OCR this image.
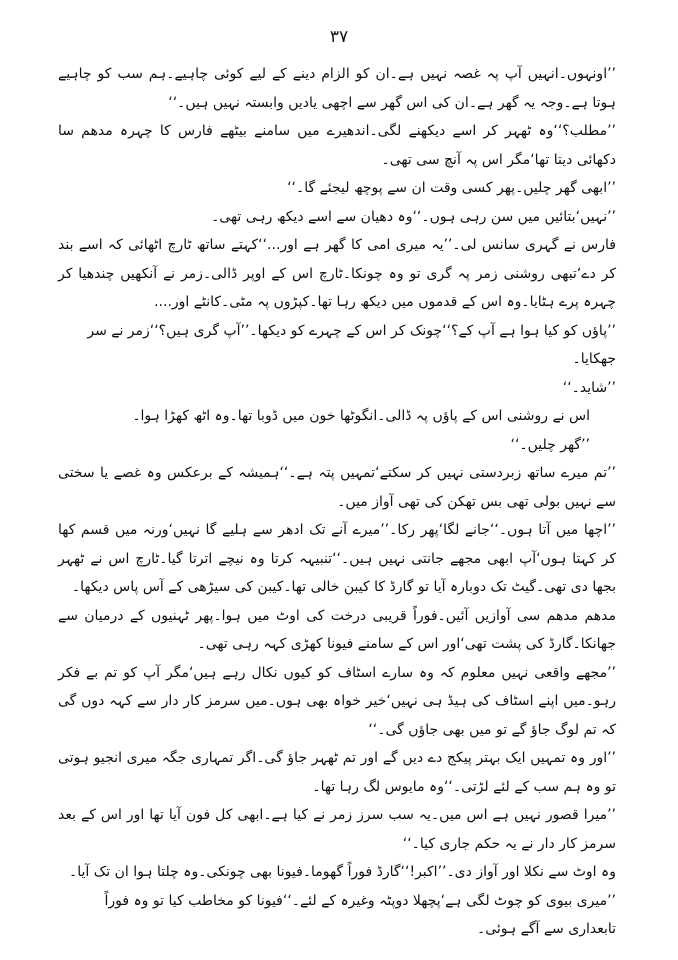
۳۷

’’اونہوں۔انہیں آپ پہ غصہ نہیں ہے۔ان کو الزام دینے کے لیے کوئی چاہیے۔ہم سب کو چاہیے ہوتا ہے۔وجہ یہ گھر ہے۔ان کی اس گھر سے اچھی یادیں وابستہ نہیں ہیں۔‘‘

’’مطلب؟‘‘وہ ٹھہر کر اسے دیکھنے لگی۔اندھیرے میں سامنے بیٹھے فارس کا چہرہ مدھم سا دکھائی دیتا تھا‘مگر اس پہ آنچ سی تھی۔

’’ابھی گھر چلیں۔پھر کسی وقت ان سے پوچھ لیجئے گا۔‘‘

’’نہیں‘بتائیں میں سن رہی ہوں۔‘‘وہ دھیان سے اسے دیکھ رہی تھی۔

فارس نے گہری سانس لی۔’’یہ میری امی کا گھر ہے اور...‘‘کہتے ساتھ ٹارچ اٹھائی کہ اسے بند کر دے‘تبھی روشنی زمر پہ گری تو وہ چونکا۔ٹارچ اس کے اوپر ڈالی۔زمر نے آنکھیں چندھیا کر چہرہ پرے ہٹایا۔وہ اس کے قدموں میں دیکھ رہا تھا۔کپڑوں پہ مٹی۔کانٹے اور....

’’پاؤں کو کیا ہوا ہے آپ کے؟‘‘چونک کر اس کے چہرے کو دیکھا۔’’آپ گری ہیں؟‘‘زمر نے سر جھکایا۔

’’شاید۔‘‘

اس نے روشنی اس کے پاؤں پہ ڈالی۔انگوٹھا خون میں ڈوبا تھا۔وہ اٹھ کھڑا ہوا۔

’’گھر چلیں۔‘‘

’’تم میرے ساتھ زبردستی نہیں کر سکتے‘تمہیں پتہ ہے۔‘‘ہمیشہ کے برعکس وہ غصے یا سختی سے نہیں بولی تھی بس تھکن کی تھی آواز میں۔

’’اچھا میں آتا ہوں۔‘‘جانے لگا‘پھر رکا۔’’میرے آنے تک ادھر سے ہلیے گا نہیں‘ورنہ میں قسم کھا کر کہتا ہوں‘آپ ابھی مجھے جانتی نہیں ہیں۔‘‘تنبیہہ کرتا وہ نیچے اترتا گیا۔ٹارچ اس نے ٹھہر بجھا دی تھی۔گیٹ تک دوبارہ آیا تو گارڈ کا کیبن خالی تھا۔کیبن کی سیڑھی کے آس پاس دیکھا۔

مدھم مدھم سی آوازیں آئیں۔فوراً قریبی درخت کی اوٹ میں ہوا۔پھر ٹہنیوں کے درمیان سے جھانکا۔گارڈ کی پشت تھی‘اور اس کے سامنے فیونا کھڑی کہہ رہی تھی۔

’’مجھے واقعی نہیں معلوم کہ وہ سارے اسٹاف کو کیوں نکال رہے ہیں‘مگر آپ کو تم بے فکر رہو۔میں اپنے اسٹاف کی ہیڈ ہی نہیں‘خیر خواہ بھی ہوں۔میں سرمز کار دار سے کہہ دوں گی کہ تم لوگ جاؤ گے تو میں بھی جاؤں گی۔‘‘

’’اور وہ تمہیں ایک بہتر پیکج دے دیں گے اور تم ٹھہر جاؤ گی۔اگر تمہاری جگہ میری انجیو ہوتی تو وہ ہم سب کے لئے لڑتی۔‘‘وہ مایوس لگ رہا تھا۔

’’میرا قصور نہیں ہے اس میں۔یہ سب سرز زمر نے کیا ہے۔ابھی کل فون آیا تھا اور اس کے بعد سرمز کار دار نے یہ حکم جاری کیا۔‘‘

وہ اوٹ سے نکلا اور آواز دی۔’’اکبر!‘‘گارڈ فوراً گھوما۔فیونا بھی چونکی۔وہ چلتا ہوا ان تک آیا۔

’’میری بیوی کو چوٹ لگی ہے‘پچھلا دوپٹہ وغیرہ کے لئے۔‘‘فیونا کو مخاطب کیا تو وہ فوراً تابعداری سے آگے ہوئی۔
